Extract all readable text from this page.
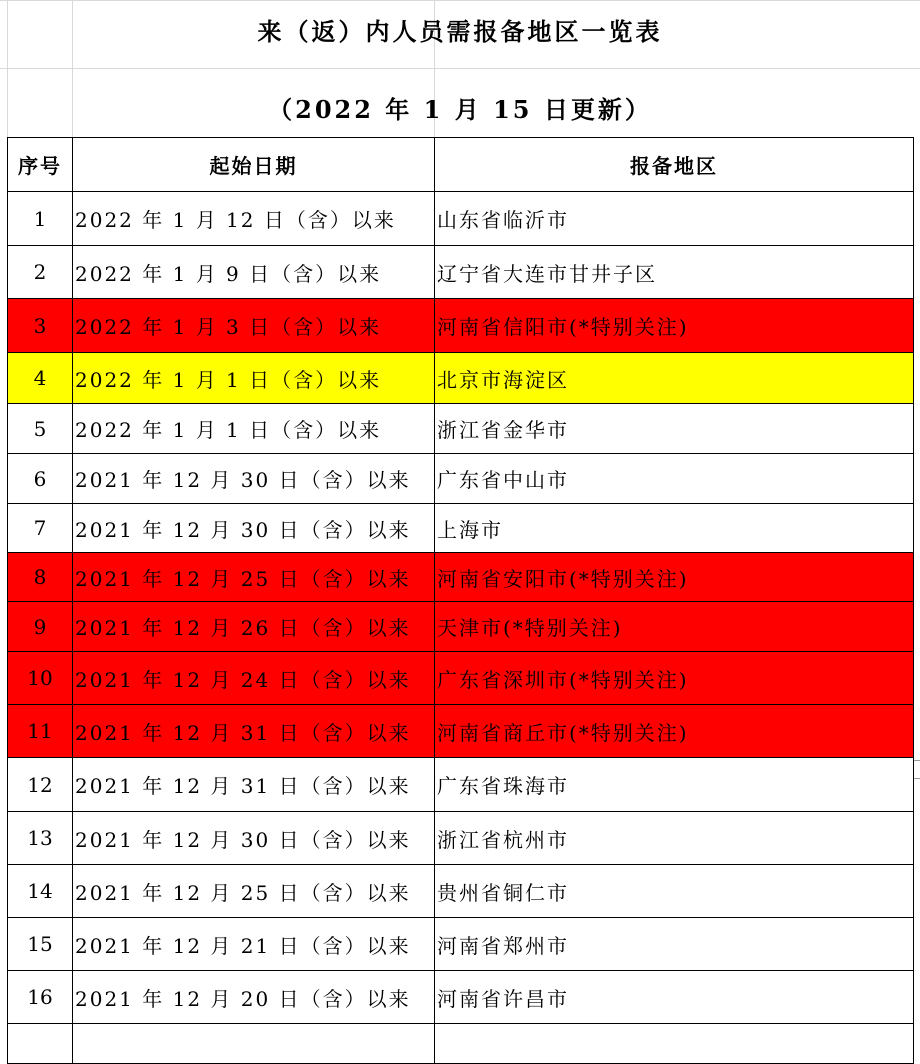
来（返）内人员需报备地区一览表
（2022 年 1 月 15 日更新）
序号	起始日期	报备地区
1	2022 年 1 月 12 日（含）以来	山东省临沂市
2	2022 年 1 月 9 日（含）以来	辽宁省大连市甘井子区
3	2022 年 1 月 3 日（含）以来	河南省信阳市(*特别关注)
4	2022 年 1 月 1 日（含）以来	北京市海淀区
5	2022 年 1 月 1 日（含）以来	浙江省金华市
6	2021 年 12 月 30 日（含）以来	广东省中山市
7	2021 年 12 月 30 日（含）以来	上海市
8	2021 年 12 月 25 日（含）以来	河南省安阳市(*特别关注)
9	2021 年 12 月 26 日（含）以来	天津市(*特别关注)
10	2021 年 12 月 24 日（含）以来	广东省深圳市(*特别关注)
11	2021 年 12 月 31 日（含）以来	河南省商丘市(*特别关注)
12	2021 年 12 月 31 日（含）以来	广东省珠海市
13	2021 年 12 月 30 日（含）以来	浙江省杭州市
14	2021 年 12 月 25 日（含）以来	贵州省铜仁市
15	2021 年 12 月 21 日（含）以来	河南省郑州市
16	2021 年 12 月 20 日（含）以来	河南省许昌市
